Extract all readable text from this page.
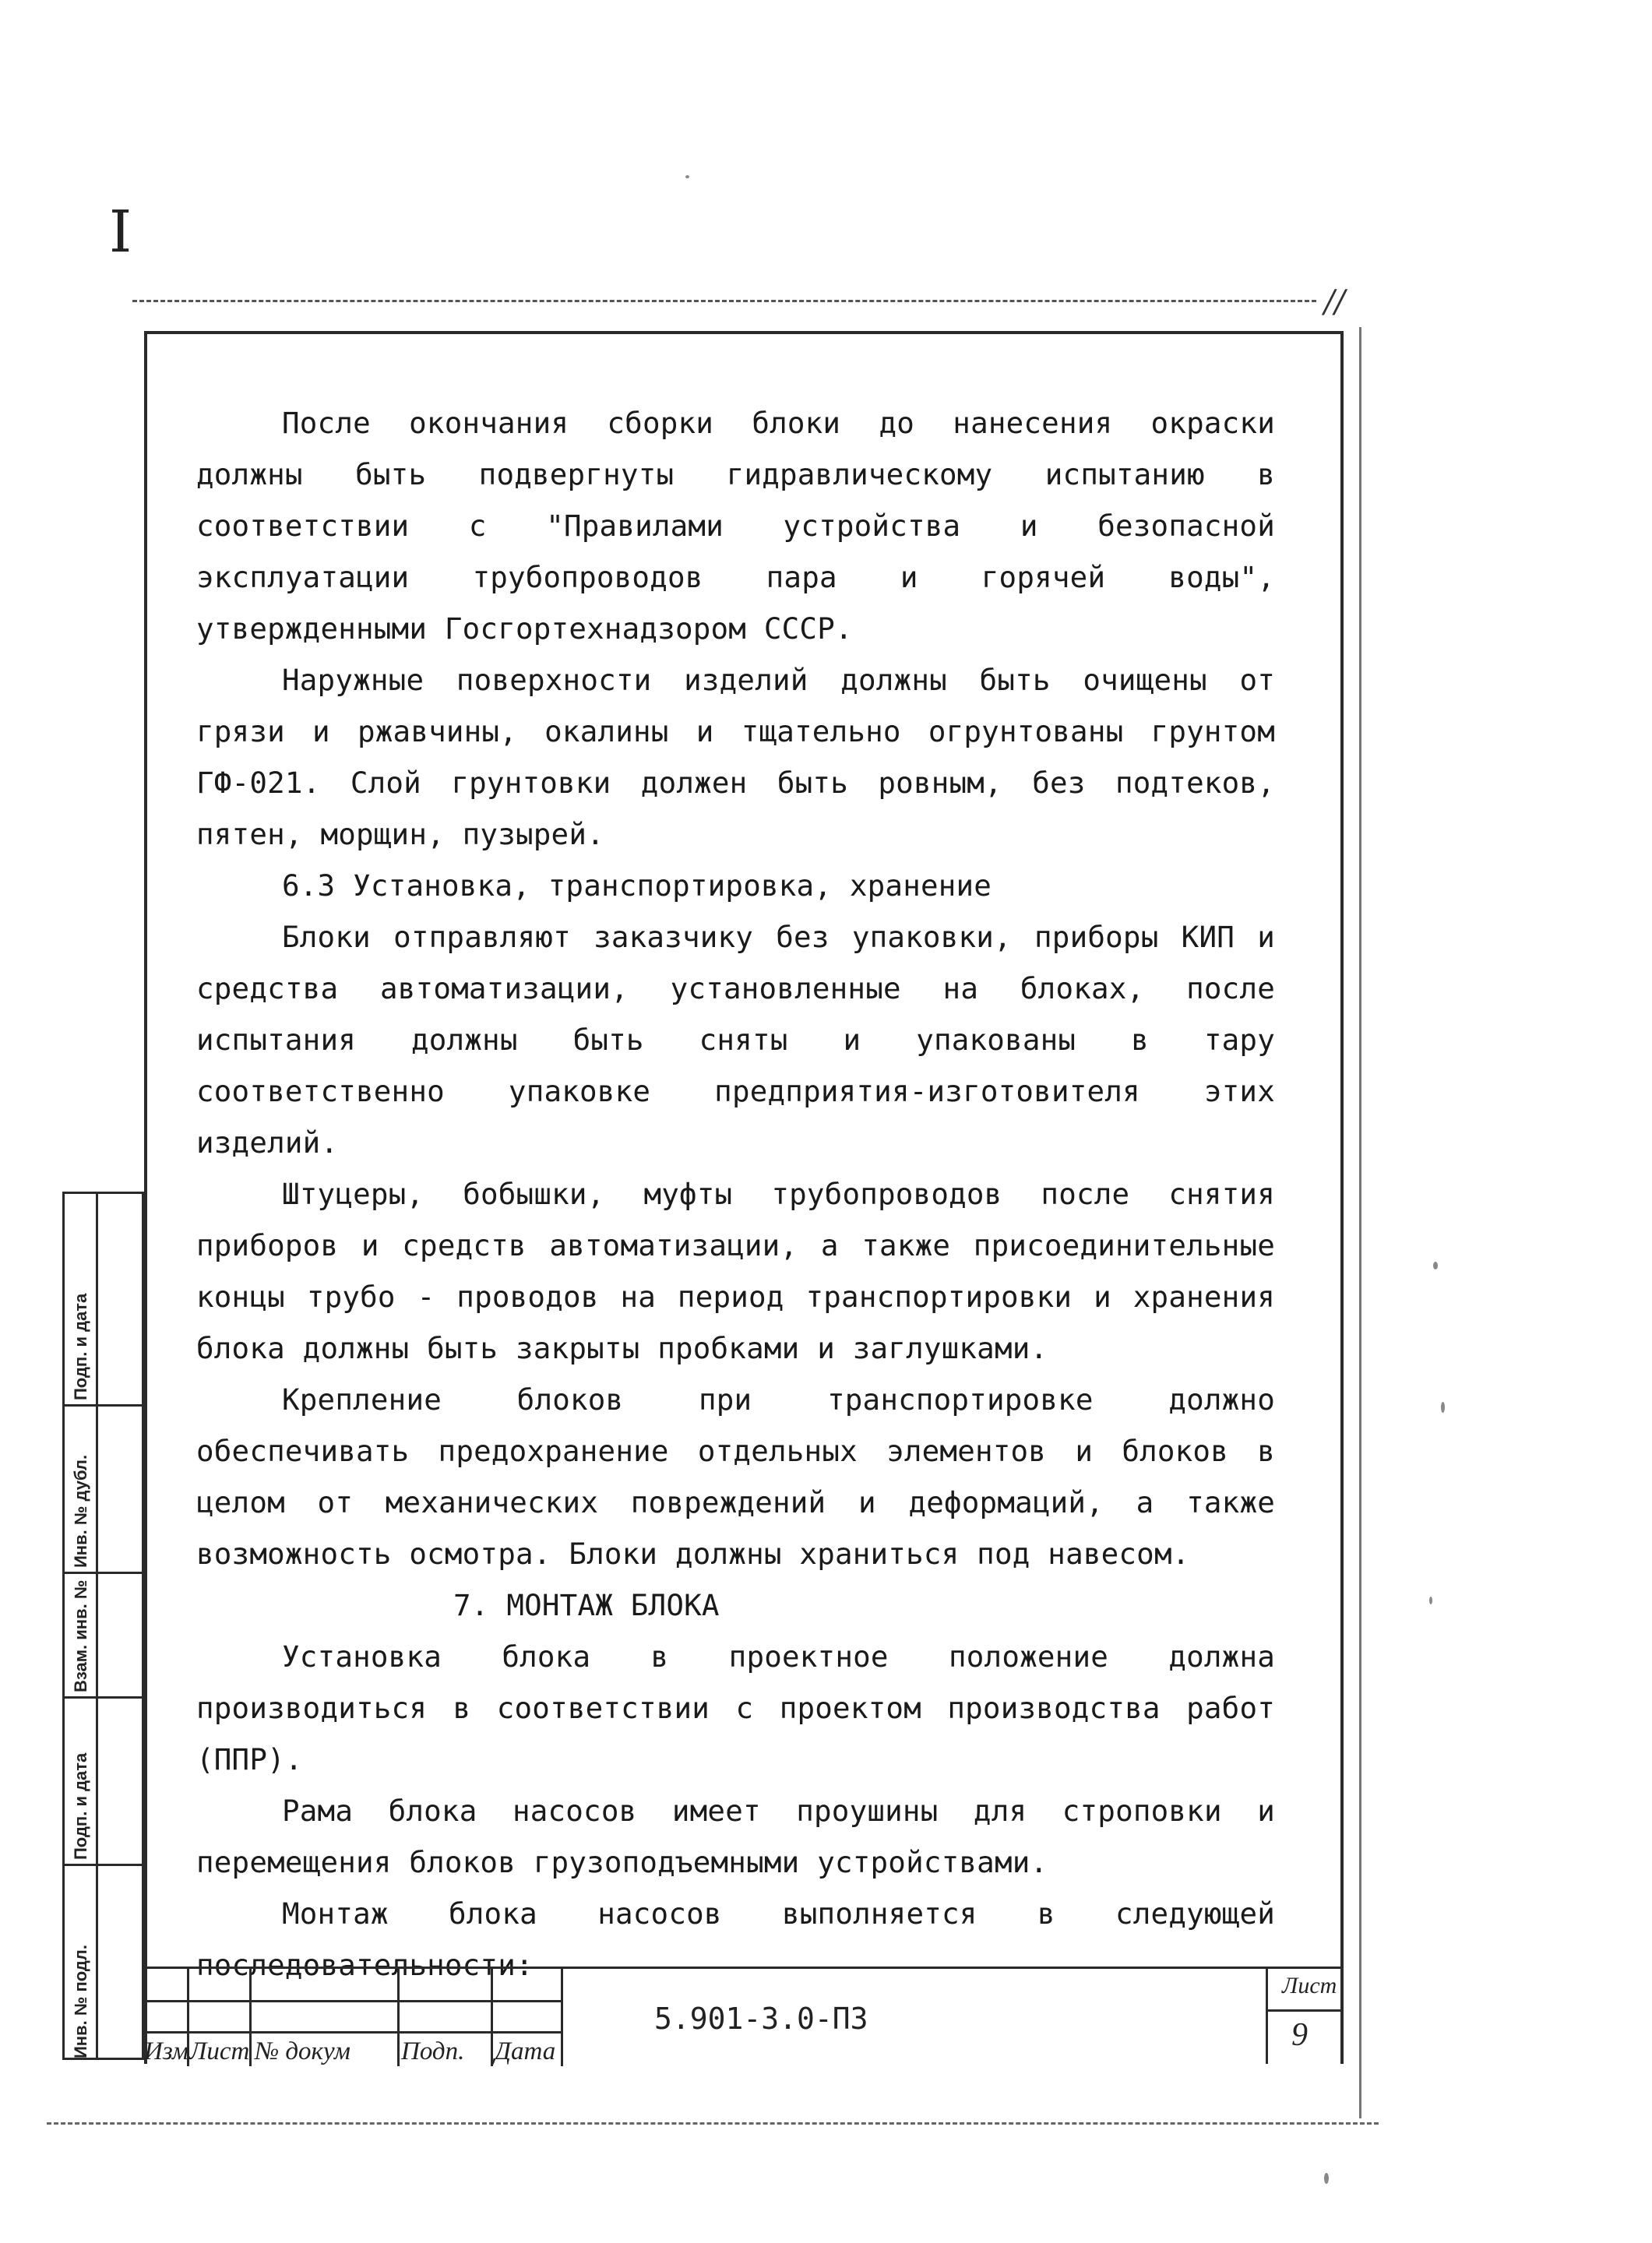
I
//

После окончания сборки блоки до нанесения окраски должны быть подвергнуты гидравлическому испытанию в соответствии с "Правилами устройства и безопасной эксплуатации трубопроводов пара и горячей воды", утвержденными Госгортехнадзором СССР.

Наружные поверхности изделий должны быть очищены от грязи и ржавчины, окалины и тщательно огрунтованы грунтом ГФ-021. Слой грунтовки должен быть ровным, без подтеков, пятен, морщин, пузырей.

6.3 Установка, транспортировка, хранение

Блоки отправляют заказчику без упаковки, приборы КИП и средства автоматизации, установленные на блоках, после испытания должны быть сняты и упакованы в тару соответственно упаковке предприятия-изготовителя этих изделий.

Штуцеры, бобышки, муфты трубопроводов после снятия приборов и средств автоматизации, а также присоединительные концы трубо - проводов на период транспортировки и хранения блока должны быть закрыты пробками и заглушками.

Крепление блоков при транспортировке должно обеспечивать предохранение отдельных элементов и блоков в целом от механических повреждений и деформаций, а также возможность осмотра. Блоки должны храниться под навесом.

7. МОНТАЖ БЛОКА

Установка блока в проектное положение должна производиться в соответствии с проектом производства работ (ППР).

Рама блока насосов имеет проушины для строповки и перемещения блоков грузоподъемными устройствами.

Монтаж блока насосов выполняется в следующей последовательности:

Инв. № подл.
Подп. и дата
Взам. инв. №
Инв. № дубл.
Подп. и дата
Изм Лист № докум Подп. Дата
5.901-3.0-ПЗ
Лист
9
